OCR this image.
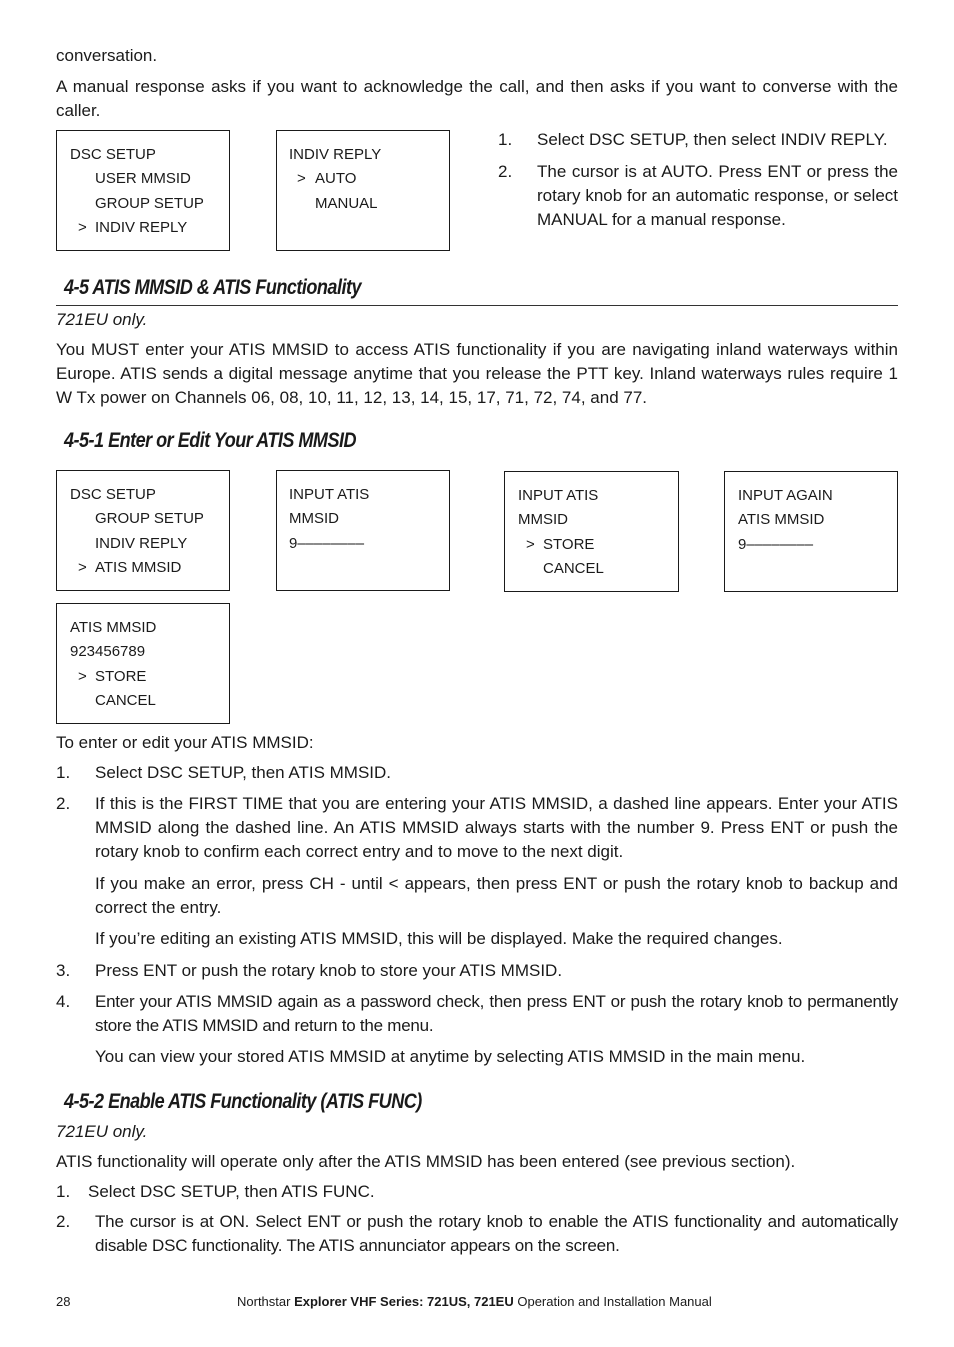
conversation.
A manual response asks if you want to acknowledge the call, and then asks if you want to converse with the caller.
DSC SETUP
USER MMSID
GROUP SETUP
> INDIV REPLY
INDIV REPLY
> AUTO
MANUAL
1. Select DSC SETUP, then select INDIV REPLY.
2. The cursor is at AUTO. Press ENT or press the rotary knob for an automatic response, or select MANUAL for a manual response.
4-5 ATIS MMSID & ATIS Functionality
721EU only.
You MUST enter your ATIS MMSID to access ATIS functionality if you are navigating inland waterways within Europe. ATIS sends a digital message anytime that you release the PTT key. Inland waterways rules require 1 W Tx power on Channels 06, 08, 10, 11, 12, 13, 14, 15, 17, 71, 72, 74, and 77.
4-5-1 Enter or Edit Your ATIS MMSID
DSC SETUP
GROUP SETUP
INDIV REPLY
> ATIS MMSID
INPUT ATIS
MMSID
9––––––––
INPUT ATIS
MMSID
> STORE
CANCEL
INPUT AGAIN
ATIS MMSID
9––––––––
ATIS MMSID
923456789
> STORE
CANCEL
To enter or edit your ATIS MMSID:
1. Select DSC SETUP, then ATIS MMSID.
2. If this is the FIRST TIME that you are entering your ATIS MMSID, a dashed line appears. Enter your ATIS MMSID along the dashed line. An ATIS MMSID always starts with the number 9. Press ENT or push the rotary knob to confirm each correct entry and to move to the next digit.
If you make an error, press CH - until < appears, then press ENT or push the rotary knob to backup and correct the entry.
If you’re editing an existing ATIS MMSID, this will be displayed. Make the required changes.
3. Press ENT or push the rotary knob to store your ATIS MMSID.
4. Enter your ATIS MMSID again as a password check, then press ENT or push the rotary knob to permanently store the ATIS MMSID and return to the menu.
You can view your stored ATIS MMSID at anytime by selecting ATIS MMSID in the main menu.
4-5-2 Enable ATIS Functionality (ATIS FUNC)
721EU only.
ATIS functionality will operate only after the ATIS MMSID has been entered (see previous section).
1. Select DSC SETUP, then ATIS FUNC.
2. The cursor is at ON. Select ENT or push the rotary knob to enable the ATIS functionality and automatically disable DSC functionality. The ATIS annunciator appears on the screen.
28	Northstar Explorer VHF Series: 721US, 721EU Operation and Installation Manual
